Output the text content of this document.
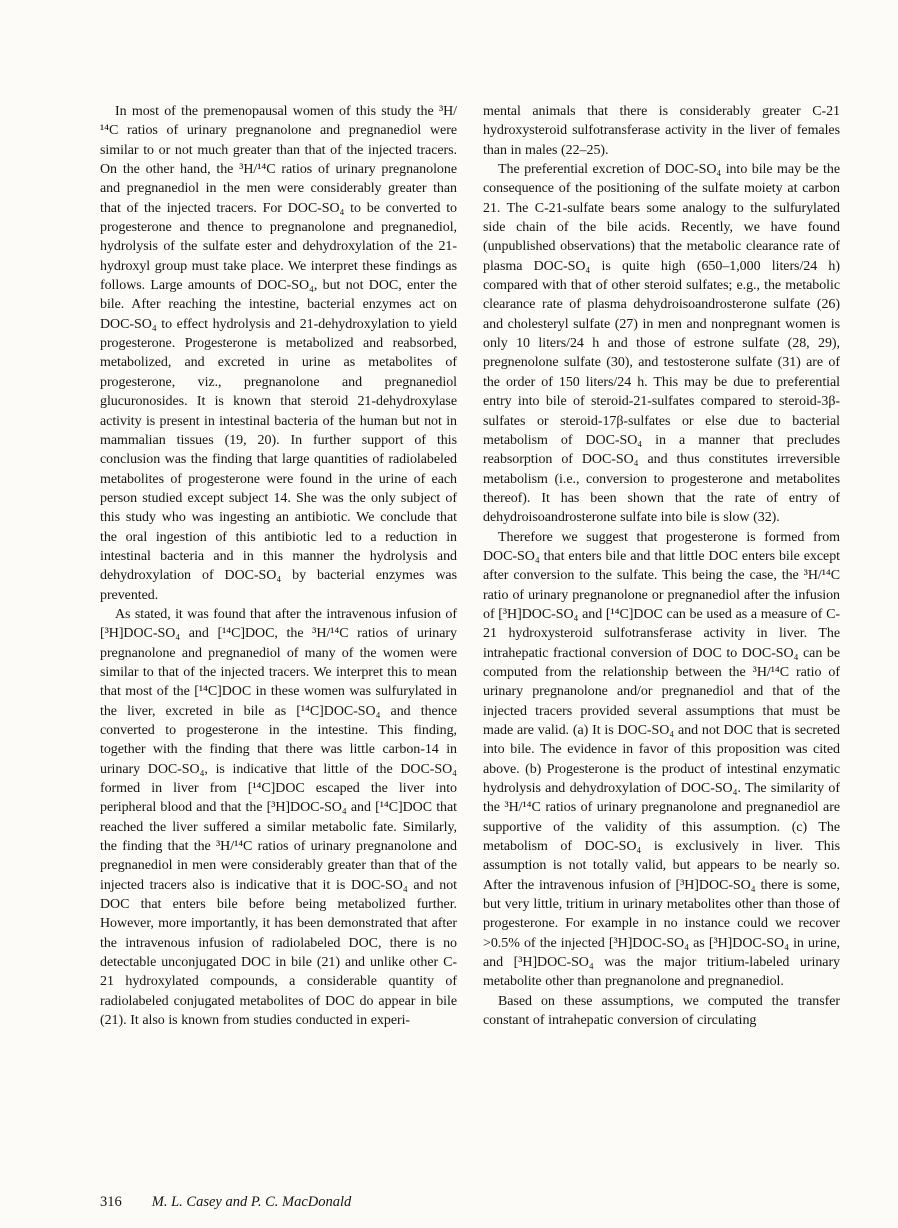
In most of the premenopausal women of this study the ³H/¹⁴C ratios of urinary pregnanolone and pregnanediol were similar to or not much greater than that of the injected tracers. On the other hand, the ³H/¹⁴C ratios of urinary pregnanolone and pregnanediol in the men were considerably greater than that of the injected tracers. For DOC-SO₄ to be converted to progesterone and thence to pregnanolone and pregnanediol, hydrolysis of the sulfate ester and dehydroxylation of the 21-hydroxyl group must take place. We interpret these findings as follows. Large amounts of DOC-SO₄, but not DOC, enter the bile. After reaching the intestine, bacterial enzymes act on DOC-SO₄ to effect hydrolysis and 21-dehydroxylation to yield progesterone. Progesterone is metabolized and reabsorbed, metabolized, and excreted in urine as metabolites of progesterone, viz., pregnanolone and pregnanediol glucuronosides. It is known that steroid 21-dehydroxylase activity is present in intestinal bacteria of the human but not in mammalian tissues (19, 20). In further support of this conclusion was the finding that large quantities of radiolabeled metabolites of progesterone were found in the urine of each person studied except subject 14. She was the only subject of this study who was ingesting an antibiotic. We conclude that the oral ingestion of this antibiotic led to a reduction in intestinal bacteria and in this manner the hydrolysis and dehydroxylation of DOC-SO₄ by bacterial enzymes was prevented.

As stated, it was found that after the intravenous infusion of [³H]DOC-SO₄ and [¹⁴C]DOC, the ³H/¹⁴C ratios of urinary pregnanolone and pregnanediol of many of the women were similar to that of the injected tracers. We interpret this to mean that most of the [¹⁴C]DOC in these women was sulfurylated in the liver, excreted in bile as [¹⁴C]DOC-SO₄ and thence converted to progesterone in the intestine. This finding, together with the finding that there was little carbon-14 in urinary DOC-SO₄, is indicative that little of the DOC-SO₄ formed in liver from [¹⁴C]DOC escaped the liver into peripheral blood and that the [³H]DOC-SO₄ and [¹⁴C]DOC that reached the liver suffered a similar metabolic fate. Similarly, the finding that the ³H/¹⁴C ratios of urinary pregnanolone and pregnanediol in men were considerably greater than that of the injected tracers also is indicative that it is DOC-SO₄ and not DOC that enters bile before being metabolized further. However, more importantly, it has been demonstrated that after the intravenous infusion of radiolabeled DOC, there is no detectable unconjugated DOC in bile (21) and unlike other C-21 hydroxylated compounds, a considerable quantity of radiolabeled conjugated metabolites of DOC do appear in bile (21). It also is known from studies conducted in experi-

mental animals that there is considerably greater C-21 hydroxysteroid sulfotransferase activity in the liver of females than in males (22–25).

The preferential excretion of DOC-SO₄ into bile may be the consequence of the positioning of the sulfate moiety at carbon 21. The C-21-sulfate bears some analogy to the sulfurylated side chain of the bile acids. Recently, we have found (unpublished observations) that the metabolic clearance rate of plasma DOC-SO₄ is quite high (650–1,000 liters/24 h) compared with that of other steroid sulfates; e.g., the metabolic clearance rate of plasma dehydroisoandrosterone sulfate (26) and cholesteryl sulfate (27) in men and nonpregnant women is only 10 liters/24 h and those of estrone sulfate (28, 29), pregnenolone sulfate (30), and testosterone sulfate (31) are of the order of 150 liters/24 h. This may be due to preferential entry into bile of steroid-21-sulfates compared to steroid-3β-sulfates or steroid-17β-sulfates or else due to bacterial metabolism of DOC-SO₄ in a manner that precludes reabsorption of DOC-SO₄ and thus constitutes irreversible metabolism (i.e., conversion to progesterone and metabolites thereof). It has been shown that the rate of entry of dehydroisoandrosterone sulfate into bile is slow (32).

Therefore we suggest that progesterone is formed from DOC-SO₄ that enters bile and that little DOC enters bile except after conversion to the sulfate. This being the case, the ³H/¹⁴C ratio of urinary pregnanolone or pregnanediol after the infusion of [³H]DOC-SO₄ and [¹⁴C]DOC can be used as a measure of C-21 hydroxysteroid sulfotransferase activity in liver. The intrahepatic fractional conversion of DOC to DOC-SO₄ can be computed from the relationship between the ³H/¹⁴C ratio of urinary pregnanolone and/or pregnanediol and that of the injected tracers provided several assumptions that must be made are valid. (a) It is DOC-SO₄ and not DOC that is secreted into bile. The evidence in favor of this proposition was cited above. (b) Progesterone is the product of intestinal enzymatic hydrolysis and dehydroxylation of DOC-SO₄. The similarity of the ³H/¹⁴C ratios of urinary pregnanolone and pregnanediol are supportive of the validity of this assumption. (c) The metabolism of DOC-SO₄ is exclusively in liver. This assumption is not totally valid, but appears to be nearly so. After the intravenous infusion of [³H]DOC-SO₄ there is some, but very little, tritium in urinary metabolites other than those of progesterone. For example in no instance could we recover >0.5% of the injected [³H]DOC-SO₄ as [³H]DOC-SO₄ in urine, and [³H]DOC-SO₄ was the major tritium-labeled urinary metabolite other than pregnanolone and pregnanediol.

Based on these assumptions, we computed the transfer constant of intrahepatic conversion of circulating

316 M. L. Casey and P. C. MacDonald
